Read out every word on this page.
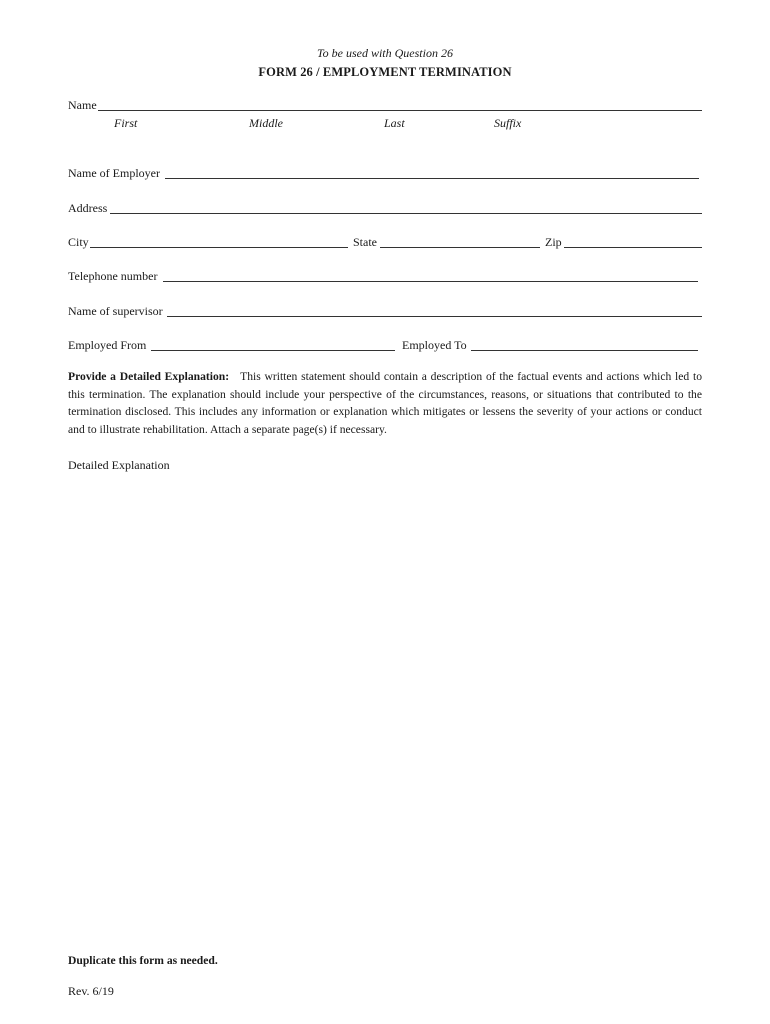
To be used with Question 26
FORM 26 / EMPLOYMENT TERMINATION
Name
First	Middle	Last	Suffix
Name of Employer
Address
City	State	Zip
Telephone number
Name of supervisor
Employed From	Employed To
Provide a Detailed Explanation: This written statement should contain a description of the factual events and actions which led to this termination. The explanation should include your perspective of the circumstances, reasons, or situations that contributed to the termination disclosed. This includes any information or explanation which mitigates or lessens the severity of your actions or conduct and to illustrate rehabilitation. Attach a separate page(s) if necessary.
Detailed Explanation
Duplicate this form as needed.
Rev. 6/19
